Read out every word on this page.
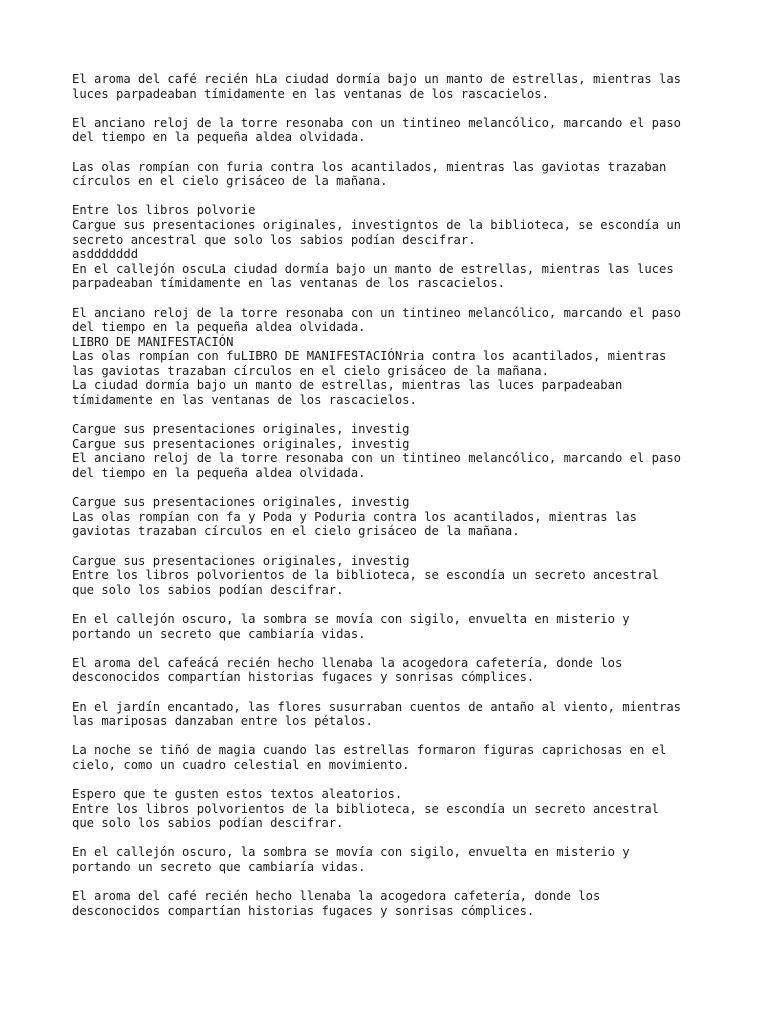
El aroma del café recién hLa ciudad dormía bajo un manto de estrellas, mientras las
luces parpadeaban tímidamente en las ventanas de los rascacielos.
El anciano reloj de la torre resonaba con un tintineo melancólico, marcando el paso
del tiempo en la pequeña aldea olvidada.
Las olas rompían con furia contra los acantilados, mientras las gaviotas trazaban
círculos en el cielo grisáceo de la mañana.
Entre los libros polvorie
Cargue sus presentaciones originales, investigntos de la biblioteca, se escondía un
secreto ancestral que solo los sabios podían descifrar.
asddddddd
En el callejón oscuLa ciudad dormía bajo un manto de estrellas, mientras las luces
parpadeaban tímidamente en las ventanas de los rascacielos.
El anciano reloj de la torre resonaba con un tintineo melancólico, marcando el paso
del tiempo en la pequeña aldea olvidada.
LIBRO DE MANIFESTACIÓN
Las olas rompían con fuLIBRO DE MANIFESTACIÓNria contra los acantilados, mientras
las gaviotas trazaban círculos en el cielo grisáceo de la mañana.
La ciudad dormía bajo un manto de estrellas, mientras las luces parpadeaban
tímidamente en las ventanas de los rascacielos.
Cargue sus presentaciones originales, investig
Cargue sus presentaciones originales, investig
El anciano reloj de la torre resonaba con un tintineo melancólico, marcando el paso
del tiempo en la pequeña aldea olvidada.
Cargue sus presentaciones originales, investig
Las olas rompían con fa y Poda y Poduria contra los acantilados, mientras las
gaviotas trazaban círculos en el cielo grisáceo de la mañana.
Cargue sus presentaciones originales, investig
Entre los libros polvorientos de la biblioteca, se escondía un secreto ancestral
que solo los sabios podían descifrar.
En el callejón oscuro, la sombra se movía con sigilo, envuelta en misterio y
portando un secreto que cambiaría vidas.
El aroma del cafeácá recién hecho llenaba la acogedora cafetería, donde los
desconocidos compartían historias fugaces y sonrisas cómplices.
En el jardín encantado, las flores susurraban cuentos de antaño al viento, mientras
las mariposas danzaban entre los pétalos.
La noche se tiñó de magia cuando las estrellas formaron figuras caprichosas en el
cielo, como un cuadro celestial en movimiento.
Espero que te gusten estos textos aleatorios.
Entre los libros polvorientos de la biblioteca, se escondía un secreto ancestral
que solo los sabios podían descifrar.
En el callejón oscuro, la sombra se movía con sigilo, envuelta en misterio y
portando un secreto que cambiaría vidas.
El aroma del café recién hecho llenaba la acogedora cafetería, donde los
desconocidos compartían historias fugaces y sonrisas cómplices.
